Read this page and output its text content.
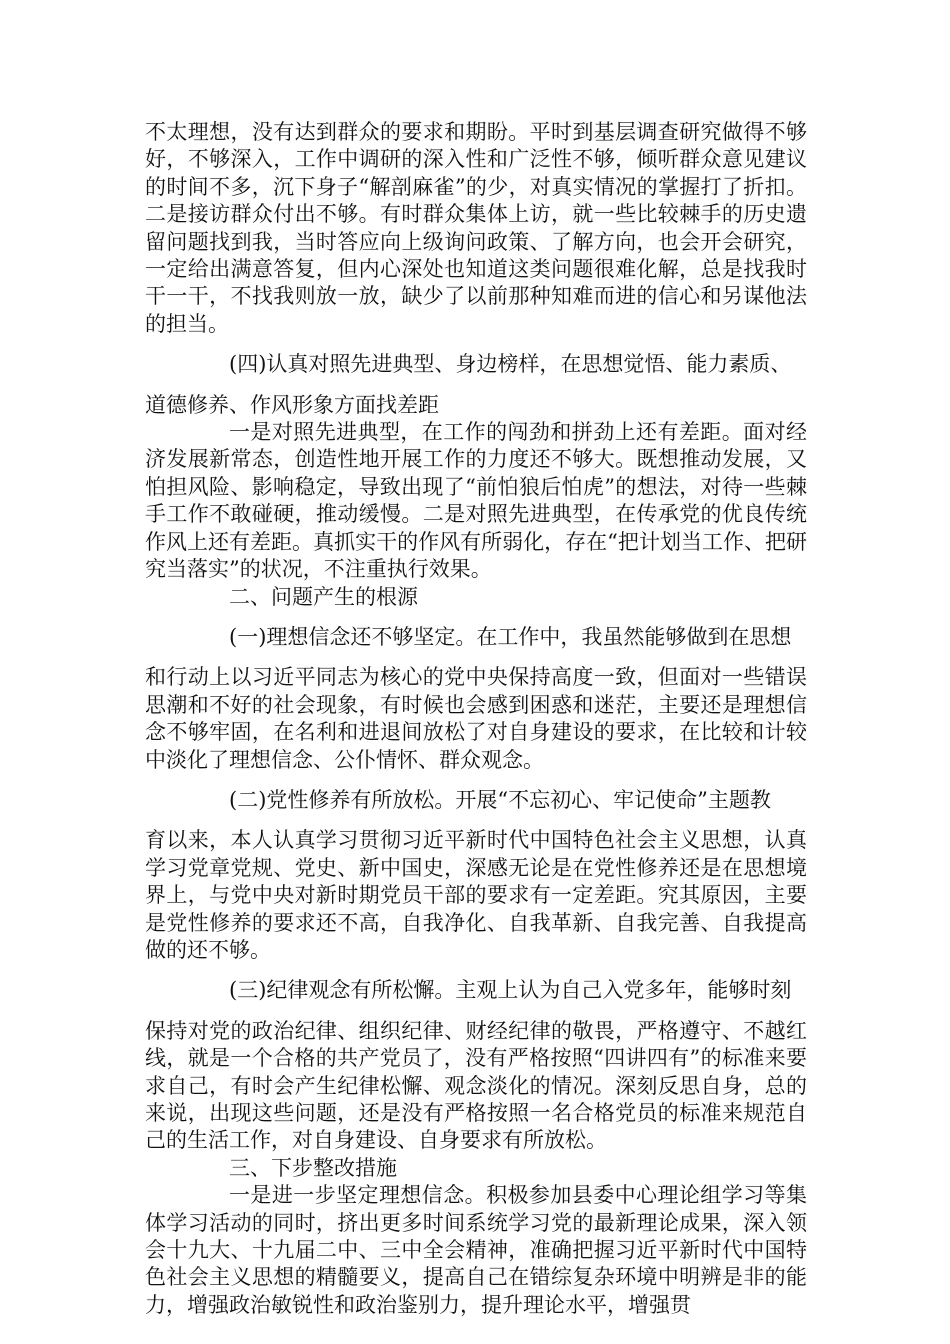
不太理想，没有达到群众的要求和期盼。平时到基层调查研究做得不够好，不够深入，工作中调研的深入性和广泛性不够，倾听群众意见建议的时间不多，沉下身子“解剖麻雀”的少，对真实情况的掌握打了折扣。二是接访群众付出不够。有时群众集体上访，就一些比较棘手的历史遗留问题找到我，当时答应向上级询问政策、了解方向，也会开会研究，一定给出满意答复，但内心深处也知道这类问题很难化解，总是找我时干一干，不找我则放一放，缺少了以前那种知难而进的信心和另谋他法的担当。

(四)认真对照先进典型、身边榜样，在思想觉悟、能力素质、

道德修养、作风形象方面找差距

一是对照先进典型，在工作的闯劲和拼劲上还有差距。面对经济发展新常态，创造性地开展工作的力度还不够大。既想推动发展，又怕担风险、影响稳定，导致出现了“前怕狼后怕虎”的想法，对待一些棘手工作不敢碰硬，推动缓慢。二是对照先进典型，在传承党的优良传统作风上还有差距。真抓实干的作风有所弱化，存在“把计划当工作、把研究当落实”的状况，不注重执行效果。

二、问题产生的根源

(一)理想信念还不够坚定。在工作中，我虽然能够做到在思想

和行动上以习近平同志为核心的党中央保持高度一致，但面对一些错误思潮和不好的社会现象，有时候也会感到困惑和迷茫，主要还是理想信念不够牢固，在名利和进退间放松了对自身建设的要求，在比较和计较中淡化了理想信念、公仆情怀、群众观念。

(二)党性修养有所放松。开展“不忘初心、牢记使命”主题教

育以来，本人认真学习贯彻习近平新时代中国特色社会主义思想，认真学习党章党规、党史、新中国史，深感无论是在党性修养还是在思想境界上，与党中央对新时期党员干部的要求有一定差距。究其原因，主要是党性修养的要求还不高，自我净化、自我革新、自我完善、自我提高做的还不够。

(三)纪律观念有所松懈。主观上认为自己入党多年，能够时刻

保持对党的政治纪律、组织纪律、财经纪律的敬畏，严格遵守、不越红线，就是一个合格的共产党员了，没有严格按照“四讲四有”的标准来要求自己，有时会产生纪律松懈、观念淡化的情况。深刻反思自身，总的来说，出现这些问题，还是没有严格按照一名合格党员的标准来规范自己的生活工作，对自身建设、自身要求有所放松。

三、下步整改措施

一是进一步坚定理想信念。积极参加县委中心理论组学习等集体学习活动的同时，挤出更多时间系统学习党的最新理论成果，深入领会十九大、十九届二中、三中全会精神，准确把握习近平新时代中国特色社会主义思想的精髓要义，提高自己在错综复杂环境中明辨是非的能力，增强政治敏锐性和政治鉴别力，提升理论水平，增强贯
